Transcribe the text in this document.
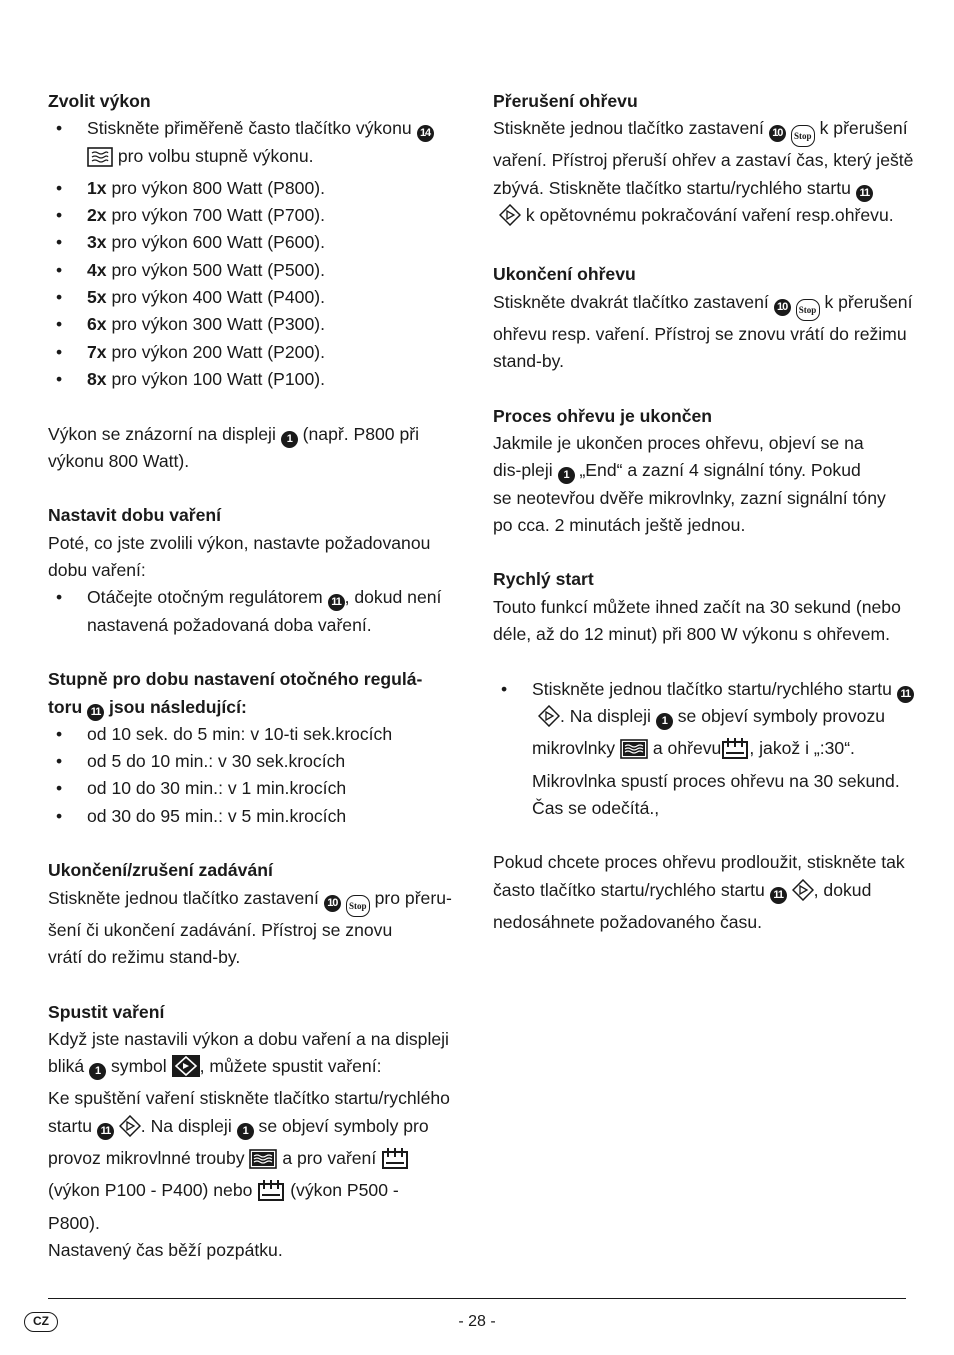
Zvolit výkon
• Stiskněte přiměřeně často tlačítko výkonu 14
pro volbu stupně výkonu.
• 1x pro výkon 800 Watt (P800).
• 2x pro výkon 700 Watt (P700).
• 3x pro výkon 600 Watt (P600).
• 4x pro výkon 500 Watt (P500).
• 5x pro výkon 400 Watt (P400).
• 6x pro výkon 300 Watt (P300).
• 7x pro výkon 200 Watt (P200).
• 8x pro výkon 100 Watt (P100).
Výkon se znázorní na displeji 1 (např. P800 při
výkonu 800 Watt).
Nastavit dobu vaření
Poté, co jste zvolili výkon, nastavte požadovanou
dobu vaření:
• Otáčejte otočným regulátorem 11 , dokud není
nastavená požadovaná doba vaření.
Stupně pro dobu nastavení otočného regulá-
toru 11 jsou následující:
• od 10 sek. do 5 min: v 10-ti sek.krocích
• od 5 do 10 min.: v 30 sek.krocích
• od 10 do 30 min.: v 1 min.krocích
• od 30 do 95 min.: v 5 min.krocích
Ukončení/zrušení zadávání
Stiskněte jednou tlačítko zastavení 10 Stop pro přeru-
šení či ukončení zadávání. Přístroj se znovu
vrátí do režimu stand-by.
Spustit vaření
Když jste nastavili výkon a dobu vaření a na displeji
bliká 1 symbol , můžete spustit vaření:
Ke spuštění vaření stiskněte tlačítko startu/rychlého
startu 11 . Na displeji 1 se objeví symboly pro
provoz mikrovlnné trouby a pro vaření
(výkon P100 - P400) nebo (výkon P500 -
P800).
Nastavený čas běží pozpátku.
Přerušení ohřevu
Stiskněte jednou tlačítko zastavení 10 Stop k přerušení
vaření. Přístroj přeruší ohřev a zastaví čas, který ještě
zbývá. Stiskněte tlačítko startu/rychlého startu 11
k opětovnému pokračování vaření resp.ohřevu.
Ukončení ohřevu
Stiskněte dvakrát tlačítko zastavení 10 Stop k přerušení
ohřevu resp. vaření. Přístroj se znovu vrátí do režimu
stand-by.
Proces ohřevu je ukončen
Jakmile je ukončen proces ohřevu, objeví se na
dis-pleji 1 „End“ a zazní 4 signální tóny. Pokud
se neotevřou dvěře mikrovlnky, zazní signální tóny
po cca. 2 minutách ještě jednou.
Rychlý start
Touto funkcí můžete ihned začít na 30 sekund (nebo
déle, až do 12 minut) při 800 W výkonu s ohřevem.
• Stiskněte jednou tlačítko startu/rychlého startu 11
. Na displeji 1 se objeví symboly provozu
mikrovlnky a ohřevu , jakož i „:30“.
Mikrovlnka spustí proces ohřevu na 30 sekund.
Čas se odečítá.,
Pokud chcete proces ohřevu prodloužit, stiskněte tak
často tlačítko startu/rychlého startu 11 , dokud
nedosáhnete požadovaného času.
CZ	- 28 -
